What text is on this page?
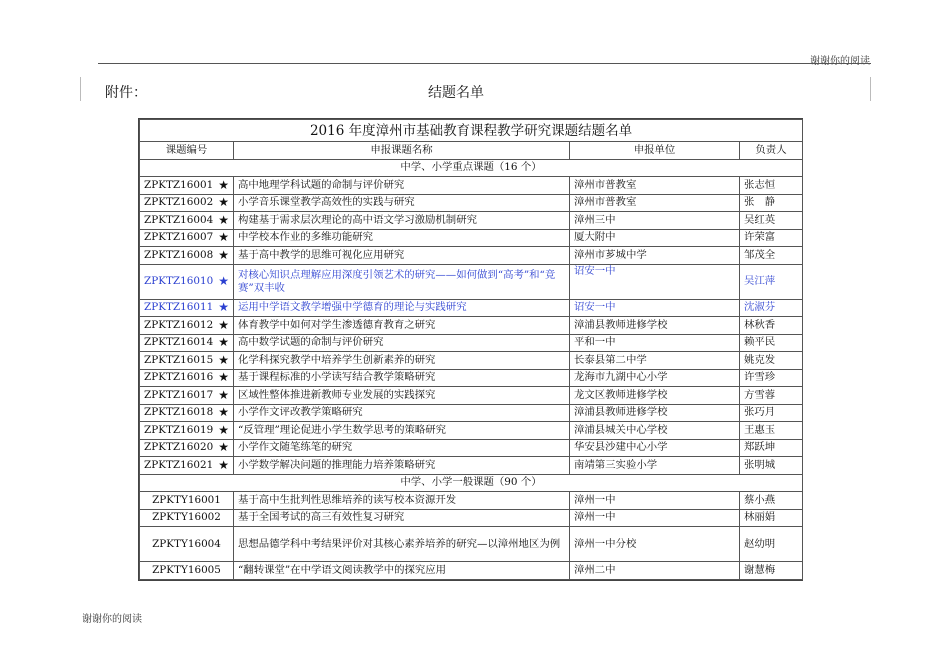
谢谢你的阅读
附件：	结题名单
2016 年度漳州市基础教育课程教学研究课题结题名单			
课题编号	申报课题名称	申报单位	负责人
中学、小学重点课题（16 个）			
ZPKTZ16001 ★	高中地理学科试题的命制与评价研究	漳州市普教室	张志恒
ZPKTZ16002 ★	小学音乐课堂教学高效性的实践与研究	漳州市普教室	张　静
ZPKTZ16004 ★	构建基于需求层次理论的高中语文学习激励机制研究	漳州三中	吴红英
ZPKTZ16007 ★	中学校本作业的多维功能研究	厦大附中	许荣富
ZPKTZ16008 ★	基于高中教学的思维可视化应用研究	漳州市芗城中学	邹茂全
ZPKTZ16010 ★	对核心知识点理解应用深度引领艺术的研究——如何做到“高考”和“竞赛”双丰收	诏安一中	吴江萍
ZPKTZ16011 ★	运用中学语文教学增强中学德育的理论与实践研究	诏安一中	沈淑芬
ZPKTZ16012 ★	体育教学中如何对学生渗透德育教育之研究	漳浦县教师进修学校	林秋香
ZPKTZ16014 ★	高中数学试题的命制与评价研究	平和一中	赖平民
ZPKTZ16015 ★	化学科探究教学中培养学生创新素养的研究	长泰县第二中学	姚克发
ZPKTZ16016 ★	基于课程标准的小学读写结合教学策略研究	龙海市九湖中心小学	许雪珍
ZPKTZ16017 ★	区域性整体推进新教师专业发展的实践探究	龙文区教师进修学校	方雪蓉
ZPKTZ16018 ★	小学作文评改教学策略研究	漳浦县教师进修学校	张巧月
ZPKTZ16019 ★	“反管理”理论促进小学生数学思考的策略研究	漳浦县城关中心学校	王惠玉
ZPKTZ16020 ★	小学作文随笔练笔的研究	华安县沙建中心小学	郑跃坤
ZPKTZ16021 ★	小学数学解决问题的推理能力培养策略研究	南靖第三实验小学	张明城
中学、小学一般课题（90 个）			
ZPKTY16001	基于高中生批判性思维培养的读写校本资源开发	漳州一中	蔡小燕
ZPKTY16002	基于全国考试的高三有效性复习研究	漳州一中	林丽娟
ZPKTY16004	思想品德学科中考结果评价对其核心素养培养的研究—以漳州地区为例	漳州一中分校	赵幼明
ZPKTY16005	“翻转课堂”在中学语文阅读教学中的探究应用	漳州二中	谢慧梅
谢谢你的阅读
